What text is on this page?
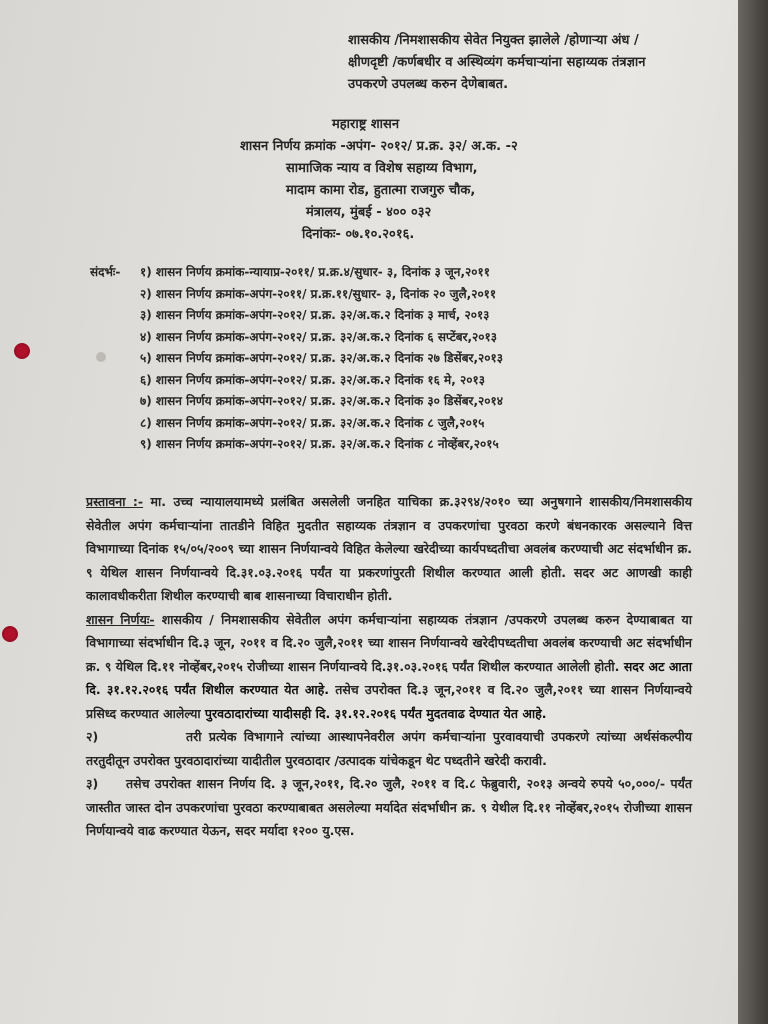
शासकीय /निमशासकीय सेवेत नियुक्त झालेले /होणाऱ्या अंध / क्षीणदृष्टी /कर्णबधीर व अस्थिव्यंग कर्मचाऱ्यांना सहाय्यक तंत्रज्ञान उपकरणे उपलब्ध करुन देणेबाबत.
महाराष्ट्र शासन
शासन निर्णय क्रमांक -अपंग- २०१२/ प्र.क्र. ३२/ अ.क. -२
सामाजिक न्याय व विशेष सहाय्य विभाग,
मादाम कामा रोड, हुतात्मा राजगुरु चौक,
मंत्रालय, मुंबई - ४०० ०३२
दिनांकः- ०७.१०.२०१६.
संदर्भः- १) शासन निर्णय क्रमांक-न्यायाप्र-२०११/ प्र.क्र.४/सुधार- ३, दिनांक ३ जून,२०११
२) शासन निर्णय क्रमांक-अपंग-२०११/ प्र.क्र.११/सुधार- ३, दिनांक २० जुलै,२०११
३) शासन निर्णय क्रमांक-अपंग-२०१२/ प्र.क्र. ३२/अ.क.२ दिनांक ३ मार्च, २०१३
४) शासन निर्णय क्रमांक-अपंग-२०१२/ प्र.क्र. ३२/अ.क.२ दिनांक ६ सप्टेंबर,२०१३
५) शासन निर्णय क्रमांक-अपंग-२०१२/ प्र.क्र. ३२/अ.क.२ दिनांक २७ डिसेंबर,२०१३
६) शासन निर्णय क्रमांक-अपंग-२०१२/ प्र.क्र. ३२/अ.क.२ दिनांक १६ मे, २०१३
७) शासन निर्णय क्रमांक-अपंग-२०१२/ प्र.क्र. ३२/अ.क.२ दिनांक ३० डिसेंबर,२०१४
८) शासन निर्णय क्रमांक-अपंग-२०१२/ प्र.क्र. ३२/अ.क.२ दिनांक ८ जुलै,२०१५
९) शासन निर्णय क्रमांक-अपंग-२०१२/ प्र.क्र. ३२/अ.क.२ दिनांक ८ नोव्हेंबर,२०१५

प्रस्तावना :- मा. उच्च न्यायालयामध्ये प्रलंबित असलेली जनहित याचिका क्र.३२९४/२०१० च्या अनुषगाने शासकीय/निमशासकीय सेवेतील अपंग कर्मचाऱ्यांना तातडीने विहित मुदतीत सहाय्यक तंत्रज्ञान व उपकरणांचा पुरवठा करणे बंधनकारक असल्याने वित्त विभागाच्या दिनांक १५/०५/२००९ च्या शासन निर्णयान्वये विहित केलेल्या खरेदीच्या कार्यपध्दतीचा अवलंब करण्याची अट संदर्भाधीन क्र. ९ येथिल शासन निर्णयान्वये दि.३१.०३.२०१६ पर्यंत या प्रकरणांपुरती शिथील करण्यात आली होती. सदर अट आणखी काही कालावधीकरीता शिथील करण्याची बाब शासनाच्या विचाराधीन होती.

शासन निर्णयः- शासकीय / निमशासकीय सेवेतील अपंग कर्मचाऱ्यांना सहाय्यक तंत्रज्ञान /उपकरणे उपलब्ध करुन देण्याबाबत या विभागाच्या संदर्भाधीन दि.३ जून, २०११ व दि.२० जुलै,२०११ च्या शासन निर्णयान्वये खरेदीपध्दतीचा अवलंब करण्याची अट संदर्भाधीन क्र. ९ येथिल दि.११ नोव्हेंबर,२०१५ रोजीच्या शासन निर्णयान्वये दि.३१.०३.२०१६ पर्यंत शिथील करण्यात आलेली होती. सदर अट आता दि. ३१.१२.२०१६ पर्यंत शिथील करण्यात येत आहे. तसेच उपरोक्त दि.३ जून,२०११ व दि.२० जुलै,२०११ च्या शासन निर्णयान्वये प्रसिध्द करण्यात आलेल्या पुरवठादारांच्या यादीसही दि. ३१.१२.२०१६ पर्यंत मुदतवाढ देण्यात येत आहे.

२)	तरी प्रत्येक विभागाने त्यांच्या आस्थापनेवरील अपंग कर्मचाऱ्यांना पुरवावयाची उपकरणे त्यांच्या अर्थसंकल्पीय तरतुदीतून उपरोक्त पुरवठादारांच्या यादीतील पुरवठादार /उत्पादक यांचेकडून थेट पध्दतीने खरेदी करावी.

३) तसेच उपरोक्त शासन निर्णय दि. ३ जून,२०११, दि.२० जुलै, २०११ व दि.८ फेब्रुवारी, २०१३ अन्वये रुपये ५०,०००/- पर्यंत जास्तीत जास्त दोन उपकरणांचा पुरवठा करण्याबाबत असलेल्या मर्यादेत संदर्भाधीन क्र. ९ येथील दि.११ नोव्हेंबर,२०१५ रोजीच्या शासन निर्णयान्वये वाढ करण्यात येऊन, सदर मर्यादा १२०० यु.एस.
